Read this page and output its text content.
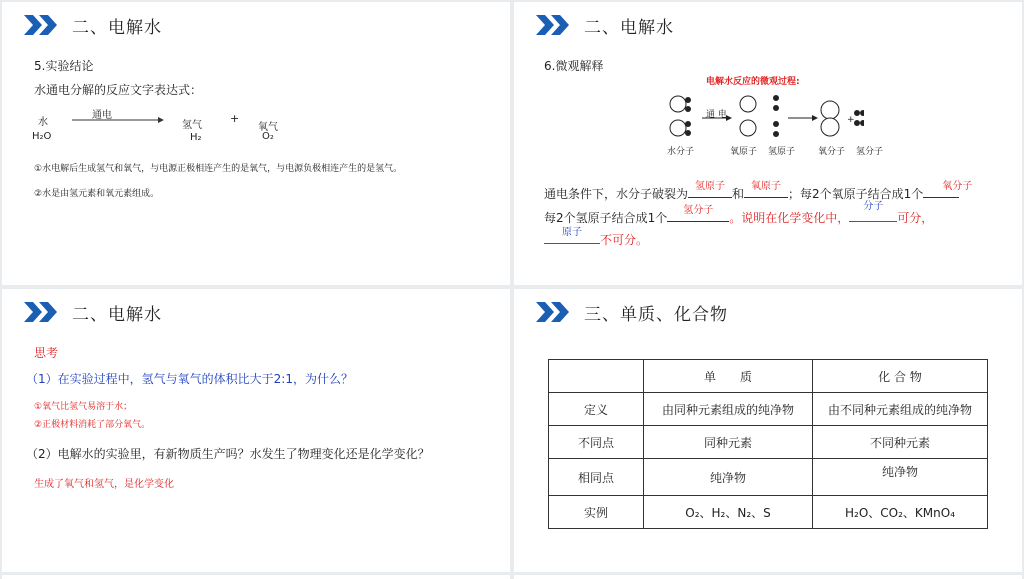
二、电解水
5.实验结论
水通电分解的反应文字表达式：
水
H₂O
通电
氢气
H₂
+
氧气
O₂
①水电解后生成氢气和氧气，与电源正极相连产生的是氧气，与电源负极相连产生的是氢气。
②水是由氢元素和氧元素组成。
二、电解水
6.微观解释
电解水反应的微观过程:
通 电	+
水分子	氧原子 氢原子	氧分子 氢分子
通电条件下，水分子破裂为
氢原子
和
氧原子
；每2个氧原子结合成1个
氧分子
每2个氢原子结合成1个
氢分子
。说明在化学变化中，
分子
可分，
原子
不可分。
二、电解水
思考
（1）在实验过程中，氢气与氧气的体积比大于2:1，为什么？
①氧气比氢气易溶于水；
②正极材料消耗了部分氧气。
（2）电解水的实验里，有新物质生产吗？水发生了物理变化还是化学变化？
生成了氧气和氢气，是化学变化
三、单质、化合物
	单　　质	化 合 物
定义	由同种元素组成的纯净物	由不同种元素组成的纯净物
不同点	同种元素	不同种元素
相同点	纯净物	纯净物
实例	O₂、H₂、N₂、S	H₂O、CO₂、KMnO₄
